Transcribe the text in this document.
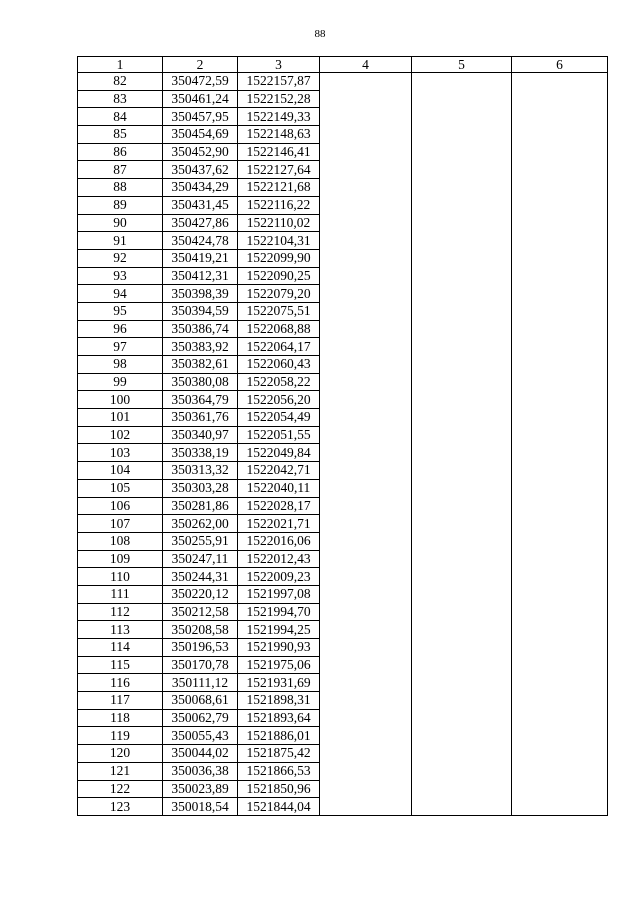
88
1	2	3	4	5	6
82	350472,59	1522157,87			
83	350461,24	1522152,28			
84	350457,95	1522149,33			
85	350454,69	1522148,63			
86	350452,90	1522146,41			
87	350437,62	1522127,64			
88	350434,29	1522121,68			
89	350431,45	1522116,22			
90	350427,86	1522110,02			
91	350424,78	1522104,31			
92	350419,21	1522099,90			
93	350412,31	1522090,25			
94	350398,39	1522079,20			
95	350394,59	1522075,51			
96	350386,74	1522068,88			
97	350383,92	1522064,17			
98	350382,61	1522060,43			
99	350380,08	1522058,22			
100	350364,79	1522056,20			
101	350361,76	1522054,49			
102	350340,97	1522051,55			
103	350338,19	1522049,84			
104	350313,32	1522042,71			
105	350303,28	1522040,11			
106	350281,86	1522028,17			
107	350262,00	1522021,71			
108	350255,91	1522016,06			
109	350247,11	1522012,43			
110	350244,31	1522009,23			
111	350220,12	1521997,08			
112	350212,58	1521994,70			
113	350208,58	1521994,25			
114	350196,53	1521990,93			
115	350170,78	1521975,06			
116	350111,12	1521931,69			
117	350068,61	1521898,31			
118	350062,79	1521893,64			
119	350055,43	1521886,01			
120	350044,02	1521875,42			
121	350036,38	1521866,53			
122	350023,89	1521850,96			
123	350018,54	1521844,04			
